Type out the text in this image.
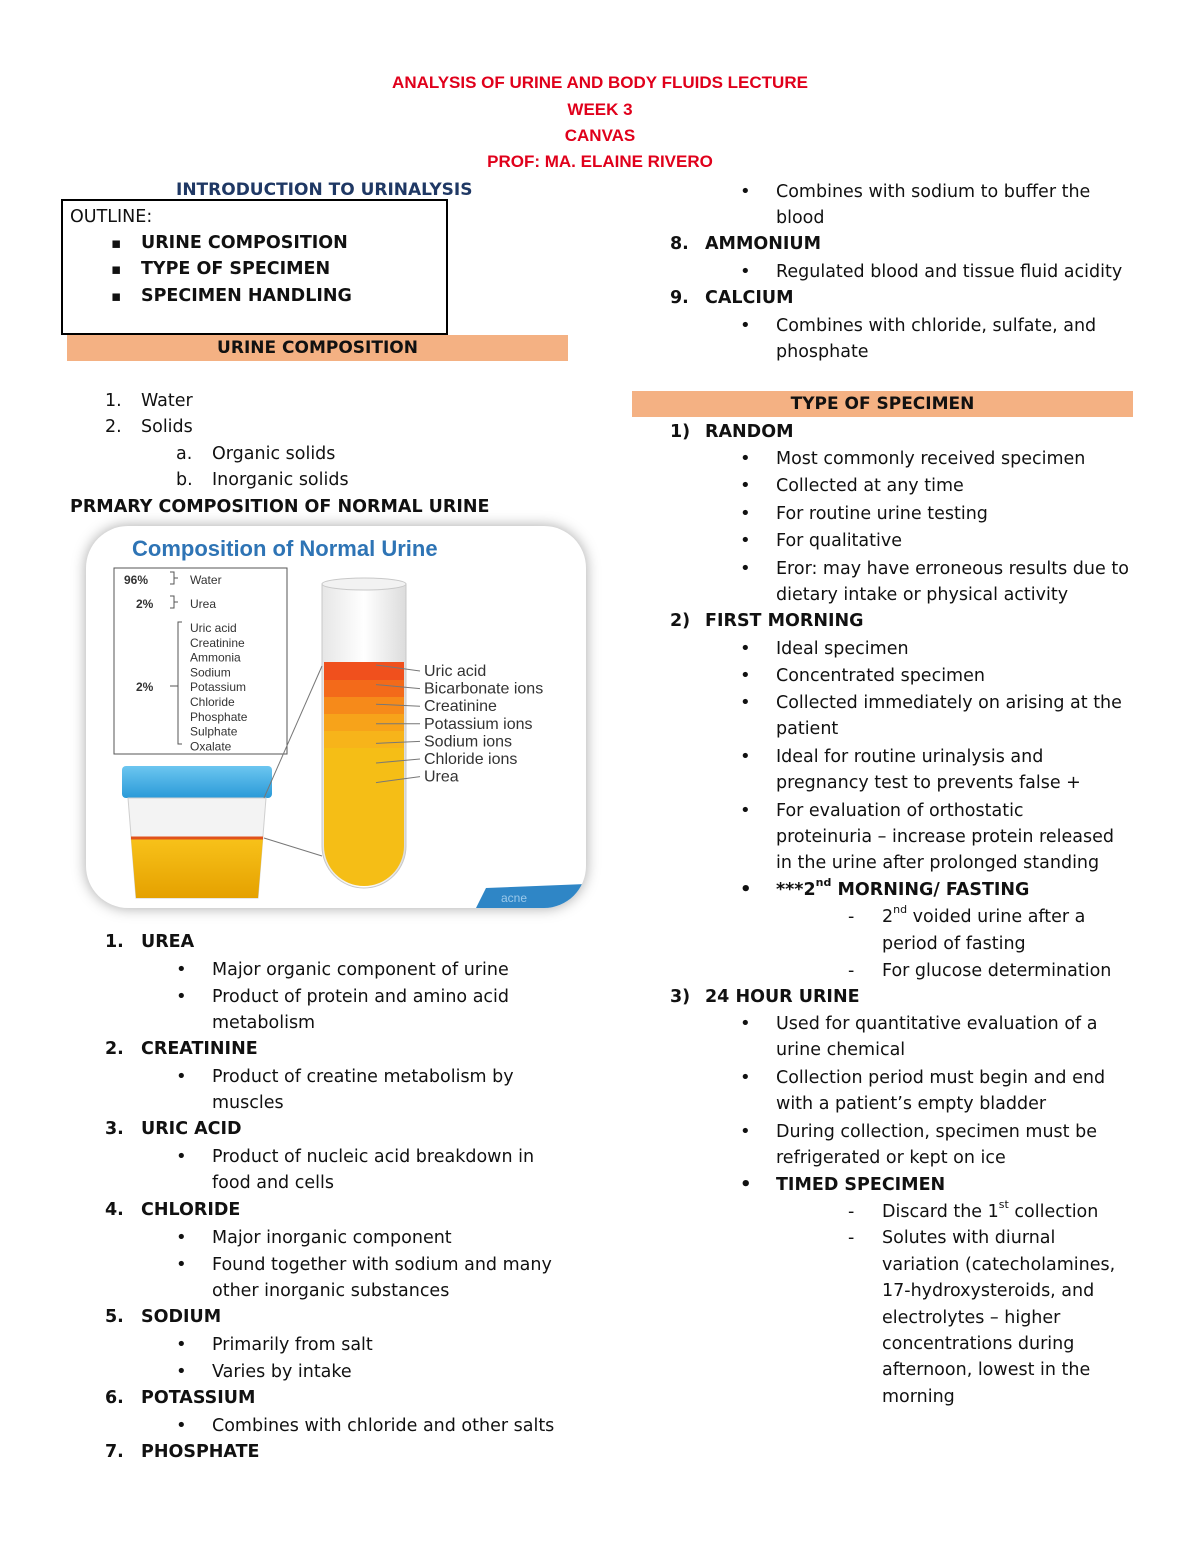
ANALYSIS OF URINE AND BODY FLUIDS LECTURE
WEEK 3
CANVAS
PROF: MA. ELAINE RIVERO
INTRODUCTION TO URINALYSIS
OUTLINE:
▪ URINE COMPOSITION
▪ TYPE OF SPECIMEN
▪ SPECIMEN HANDLING
URINE COMPOSITION
1. Water
2. Solids
a. Organic solids
b. Inorganic solids
PRMARY COMPOSITION OF NORMAL URINE
Composition of Normal Urine
96%	Water
2%	Urea
2%
Uric acid
Creatinine
Ammonia
Sodium
Potassium
Chloride
Phosphate
Sulphate
Oxalate
Uric acid
Bicarbonate ions
Creatinine
Potassium ions
Sodium ions
Chloride ions
Urea
acne
1. UREA
• Major organic component of urine
• Product of protein and amino acid
metabolism
2. CREATININE
• Product of creatine metabolism by
muscles
3. URIC ACID
• Product of nucleic acid breakdown in
food and cells
4. CHLORIDE
• Major inorganic component
• Found together with sodium and many
other inorganic substances
5. SODIUM
• Primarily from salt
• Varies by intake
6. POTASSIUM
• Combines with chloride and other salts
7. PHOSPHATE
• Combines with sodium to buffer the
blood
8. AMMONIUM
• Regulated blood and tissue fluid acidity
9. CALCIUM
• Combines with chloride, sulfate, and
phosphate
TYPE OF SPECIMEN
1) RANDOM
• Most commonly received specimen
• Collected at any time
• For routine urine testing
• For qualitative
• Eror: may have erroneous results due to
dietary intake or physical activity
2) FIRST MORNING
• Ideal specimen
• Concentrated specimen
• Collected immediately on arising at the
patient
• Ideal for routine urinalysis and
pregnancy test to prevents false +
• For evaluation of orthostatic
proteinuria – increase protein released
in the urine after prolonged standing
• ***2nd MORNING/ FASTING
- 2nd voided urine after a
period of fasting
- For glucose determination
3) 24 HOUR URINE
• Used for quantitative evaluation of a
urine chemical
• Collection period must begin and end
with a patient’s empty bladder
• During collection, specimen must be
refrigerated or kept on ice
• TIMED SPECIMEN
- Discard the 1st collection
- Solutes with diurnal
variation (catecholamines,
17-hydroxysteroids, and
electrolytes – higher
concentrations during
afternoon, lowest in the
morning
